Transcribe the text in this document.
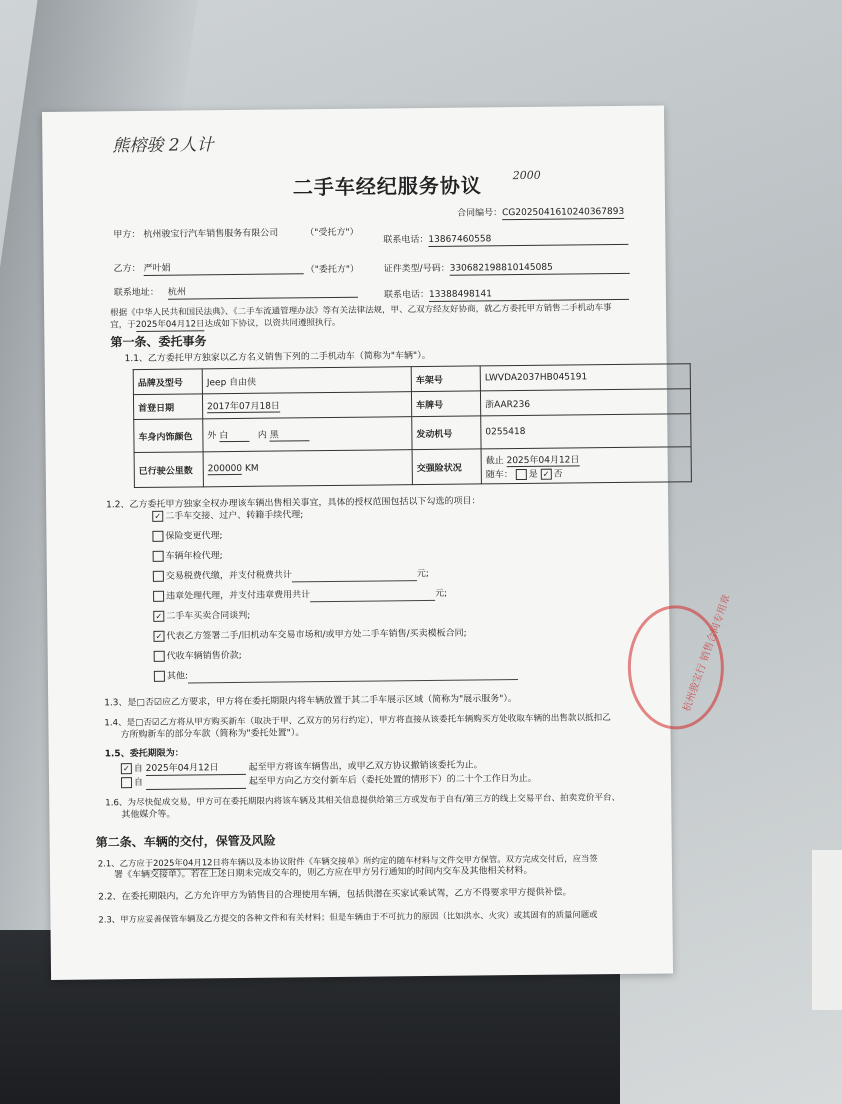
熊榕骏 2人计
2000
二手车经纪服务协议
合同编号：CG20250416102403678​93
甲方： 杭州骏宝行汽车销售服务有限公司	（"受托方"）
联系电话：13867460558
乙方： 严叶娟	（"委托方"）	证件类型/号码：330682198810145085
联系地址： 杭州	联系电话：13388498141
根据《中华人民共和国民法典》、《二手车流通管理办法》等有关法律法规，甲、乙双方经友好协商，就乙方委托甲方销售二手机动车事
宜，于2025年04月12日达成如下协议，以资共同遵照执行。
第一条、委托事务
1.1、乙方委托甲方独家以乙方名义销售下列的二手机动车（简称为"车辆"）。
品牌及型号	Jeep 自由侠	车架号	LWVDA2037HB045191
首登日期	2017年07月18日	车牌号	浙AAR236
车身内饰颜色	外 白 内 黑	发动机号	0255418
已行驶公里数	200000 KM	交强险状况	截止 2025年04月12日
随车： 是 ✓ 否
1.2、乙方委托甲方独家全权办理该车辆出售相关事宜，具体的授权范围包括以下勾选的项目：
✓ 二手车交接、过户、转籍手续代理;
保险变更代理;
车辆年检代理;
交易税费代缴，并支付税费共计	元;
违章处理代理，并支付违章费用共计	元;
✓ 二手车买卖合同谈判;
✓ 代表乙方签署二手/旧机动车交易市场和/或甲方处二手车销售/买卖模板合同;
代收车辆销售价款;
其他:
1.3、是□否☑应乙方要求，甲方将在委托期限内将车辆放置于其二手车展示区域（简称为"展示服务"）。
1.4、是□否☑乙方将从甲方购买新车（取决于甲、乙双方的另行约定），甲方将直接从该委托车辆购买方处收取车辆的出售款以抵扣乙
方所购新车的部分车款（简称为"委托处置"）。
1.5、委托期限为：
✓ 自 2025年04月12日	起至甲方将该车辆售出，或甲乙双方协议撤销该委托为止。
自	起至甲方向乙方交付新车后（委托处置的情形下）的二十个工作日为止。
1.6、为尽快促成交易，甲方可在委托期限内将该车辆及其相关信息提供给第三方或发布于自有/第三方的线上交易平台、拍卖竞价平台、
其他媒介等。
第二条、车辆的交付，保管及风险
2.1、乙方应于2025年04月12日将车辆以及本协议附件《车辆交接单》所约定的随车材料与文件交甲方保管。双方完成交付后，应当签
署《车辆交接单》。若在上述日期未完成交车的，则乙方应在甲方另行通知的时间内交车及其他相关材料。
2.2、在委托期限内，乙方允许甲方为销售目的合理使用车辆，包括供潜在买家试乘试驾，乙方不得要求甲方提供补偿。
2.3、甲方应妥善保管车辆及乙方提交的各种文件和有关材料；但是车辆由于不可抗力的原因（比如洪水、火灾）或其固有的质量问题或
杭州骏宝行 销售合同专用章
